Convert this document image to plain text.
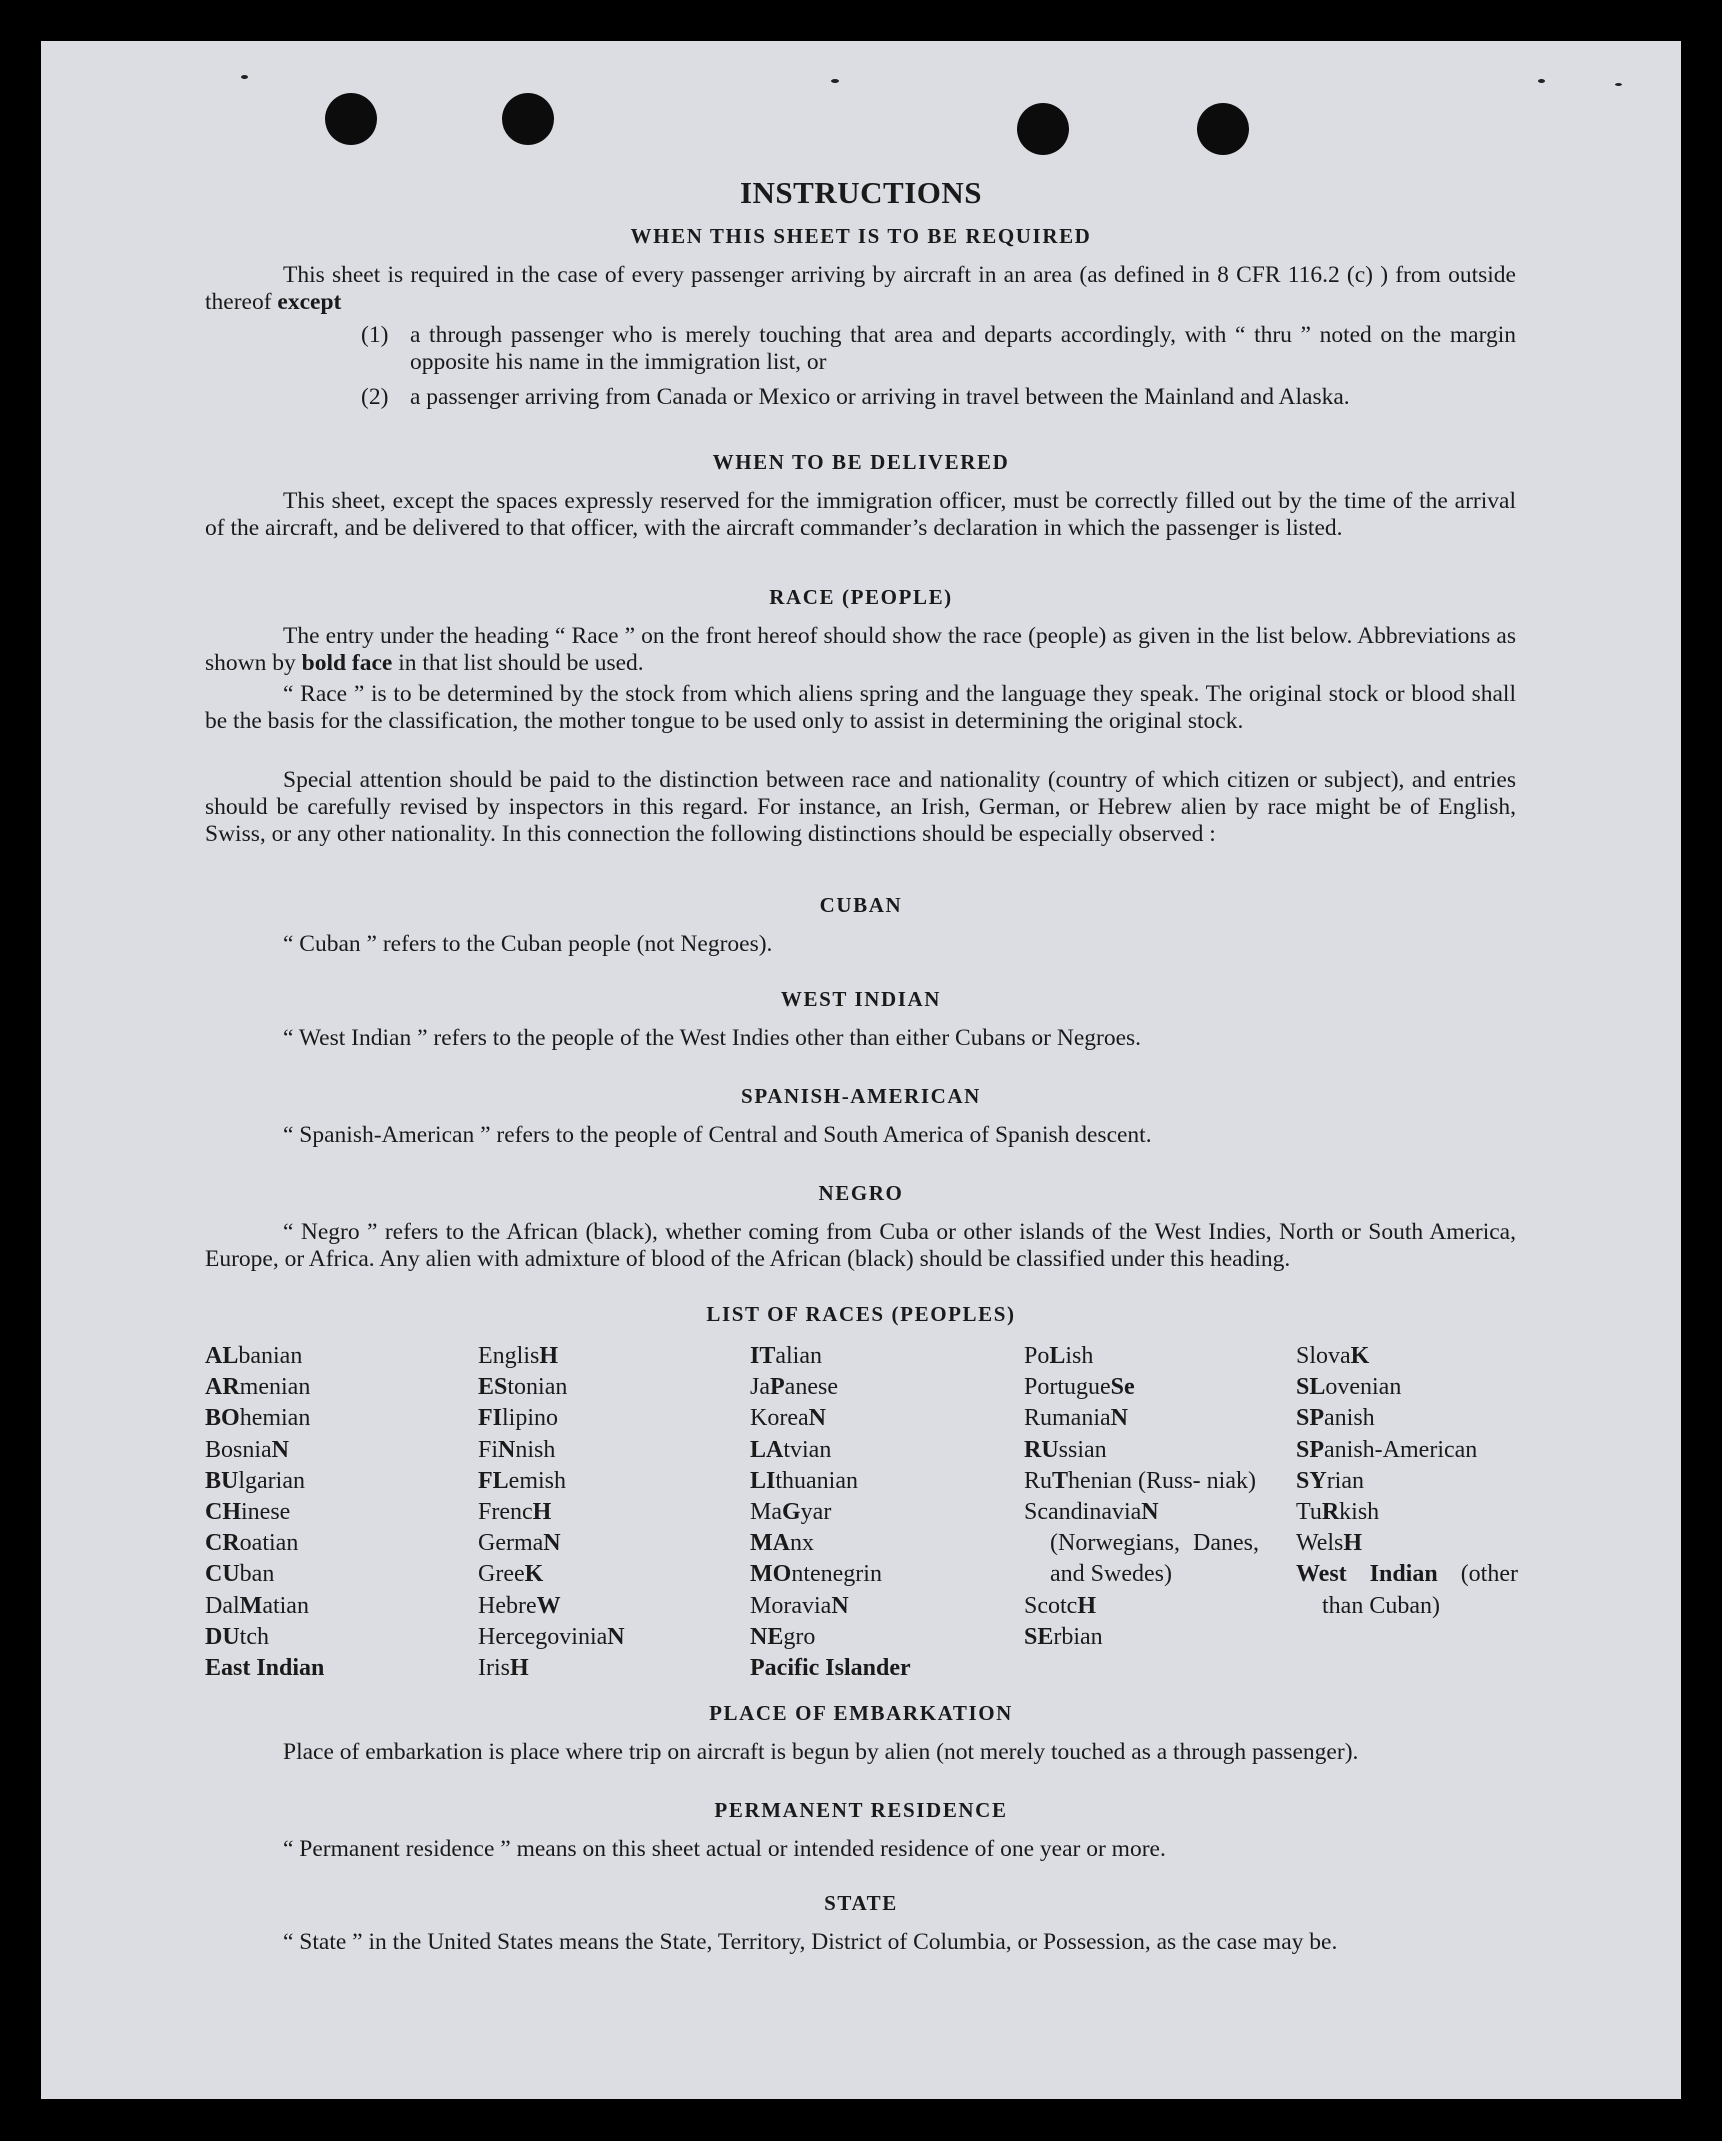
INSTRUCTIONS
WHEN THIS SHEET IS TO BE REQUIRED
This sheet is required in the case of every passenger arriving by aircraft in an area (as defined in 8 CFR 116.2 (c) ) from outside thereof except
(1) a through passenger who is merely touching that area and departs accordingly, with “ thru ” noted on the margin opposite his name in the immigration list, or
(2) a passenger arriving from Canada or Mexico or arriving in travel between the Mainland and Alaska.
WHEN TO BE DELIVERED
This sheet, except the spaces expressly reserved for the immigration officer, must be correctly filled out by the time of the arrival of the aircraft, and be delivered to that officer, with the aircraft commander’s declaration in which the passenger is listed.
RACE (PEOPLE)
The entry under the heading “ Race ” on the front hereof should show the race (people) as given in the list below. Abbreviations as shown by bold face in that list should be used.
“ Race ” is to be determined by the stock from which aliens spring and the language they speak. The original stock or blood shall be the basis for the classification, the mother tongue to be used only to assist in determining the original stock.
Special attention should be paid to the distinction between race and nationality (country of which citizen or subject), and entries should be carefully revised by inspectors in this regard. For instance, an Irish, German, or Hebrew alien by race might be of English, Swiss, or any other nationality. In this connection the following distinctions should be especially observed :
CUBAN
“ Cuban ” refers to the Cuban people (not Negroes).
WEST INDIAN
“ West Indian ” refers to the people of the West Indies other than either Cubans or Negroes.
SPANISH-AMERICAN
“ Spanish-American ” refers to the people of Central and South America of Spanish descent.
NEGRO
“ Negro ” refers to the African (black), whether coming from Cuba or other islands of the West Indies, North or South America, Europe, or Africa. Any alien with admixture of blood of the African (black) should be classified under this heading.
LIST OF RACES (PEOPLES)
ALbanian
ARmenian
BOhemian
BosniaN
BUlgarian
CHinese
CRoatian
CUban
DalMatian
DUtch
East Indian
EnglisH
EStonian
FIlipino
FiNnish
FLemish
FrencH
GermaN
GreeK
HebreW
HercegoviniaN
IrisH
ITalian
JaPanese
KoreaN
LAtvian
LIthuanian
MaGyar
MAnx
MOntenegrin
MoraviaN
NEgro
Pacific Islander
PoLish
PortugueSe
RumaniaN
RUssian
RuThenian (Russ- niak)
ScandinaviaN (Norwegians, Danes, and Swedes)
ScotcH
SErbian
SlovaK
SLovenian
SPanish
SPanish-American
SYrian
TuRkish
WelsH
West Indian (other than Cuban)
PLACE OF EMBARKATION
Place of embarkation is place where trip on aircraft is begun by alien (not merely touched as a through passenger).
PERMANENT RESIDENCE
“ Permanent residence ” means on this sheet actual or intended residence of one year or more.
STATE
“ State ” in the United States means the State, Territory, District of Columbia, or Possession, as the case may be.
